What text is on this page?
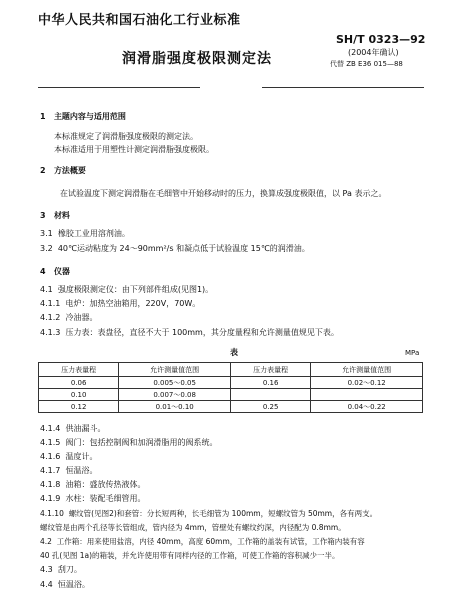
中华人民共和国石油化工行业标准
SH/T 0323—92
润滑脂强度极限测定法	(2004年确认)
代替 ZB E36 015—88
1 主题内容与适用范围
本标准规定了润滑脂强度极限的测定法。
本标准适用于用塑性计测定润滑脂强度极限。
2 方法概要
在试验温度下测定润滑脂在毛细管中开始移动时的压力，换算成强度极限值，以 Pa 表示之。
3 材料
3.1 橡胶工业用溶剂油。
3.2 40℃运动粘度为 24～90mm²/s 和凝点低于试验温度 15℃的润滑油。
4 仪器
4.1 强度极限测定仪：由下列部件组成(见图1)。
4.1.1 电炉：加热空油箱用，220V，70W。
4.1.2 冷油器。
4.1.3 压力表：表盘径，直径不大于 100mm，其分度量程和允许测量值规见下表。
表	MPa
压力表量程	允许测量值范围	压力表量程	允许测量值范围
0.06	0.005～0.05	0.16	0.02～0.12
0.10	0.007～0.08		
0.12	0.01～0.10	0.25	0.04～0.22
4.1.4 供油漏斗。
4.1.5 阀门：包括控制阀和加润滑脂用的阀系统。
4.1.6 温度计。
4.1.7 恒温浴。
4.1.8 油箱：盛放传热液体。
4.1.9 水柱：装配毛细管用。
4.1.10 螺纹管(见图2)和套管：分长短两种，长毛细管为 100mm，短螺纹管为 50mm，各有两支。
螺纹管是由两个孔径等长管组成，管内径为 4mm，管壁处有螺纹约深，内径配为 0.8mm。
4.2 工作箱：用来使用盐溶，内径 40mm，高度 60mm，工作箱的盖装有试管，工作箱内装有容
40 孔(见图 1a)的箱装，并允许使用带有同样内径的工作箱，可使工作箱的容积减少一半。
4.3 刮刀。
4.4 恒温浴。
